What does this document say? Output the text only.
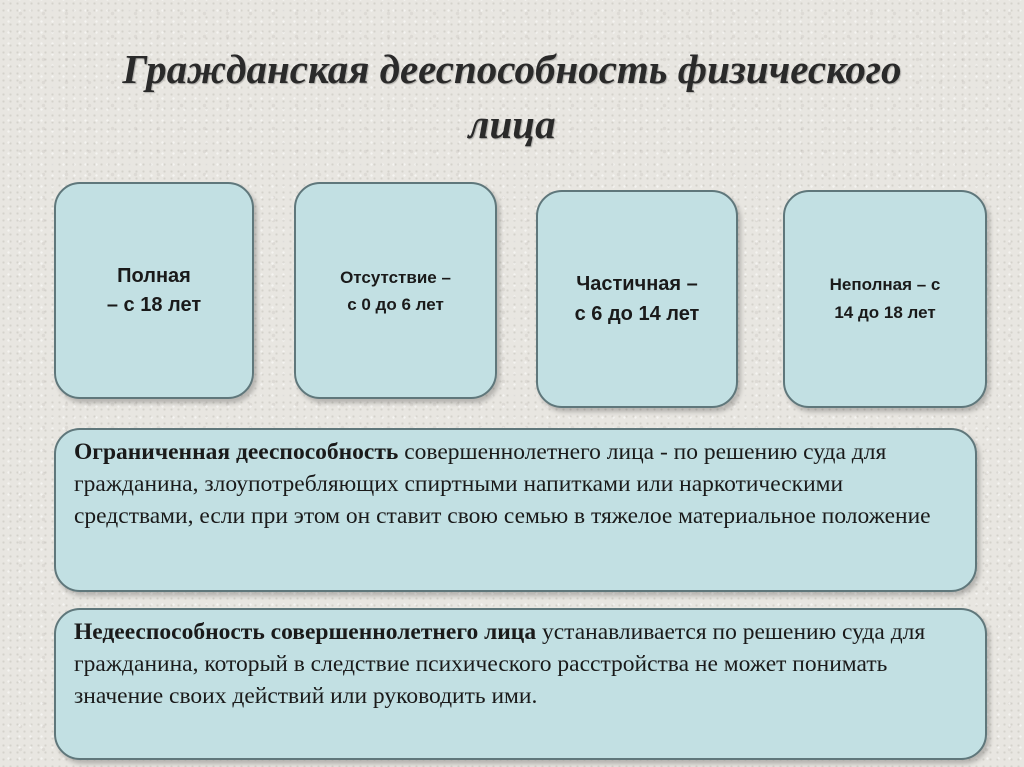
Гражданская дееспособность физического
лица
Полная
– с 18 лет
Отсутствие –
с 0 до 6 лет
Частичная –
с 6 до 14 лет
Неполная – с
14 до 18 лет
Ограниченная дееспособность совершеннолетнего лица - по решению суда для гражданина, злоупотребляющих спиртными напитками или наркотическими средствами, если при этом он ставит свою семью в тяжелое материальное положение
Недееспособность совершеннолетнего лица устанавливается по решению суда для гражданина, который в следствие психического расстройства не может понимать значение своих действий или руководить ими.
